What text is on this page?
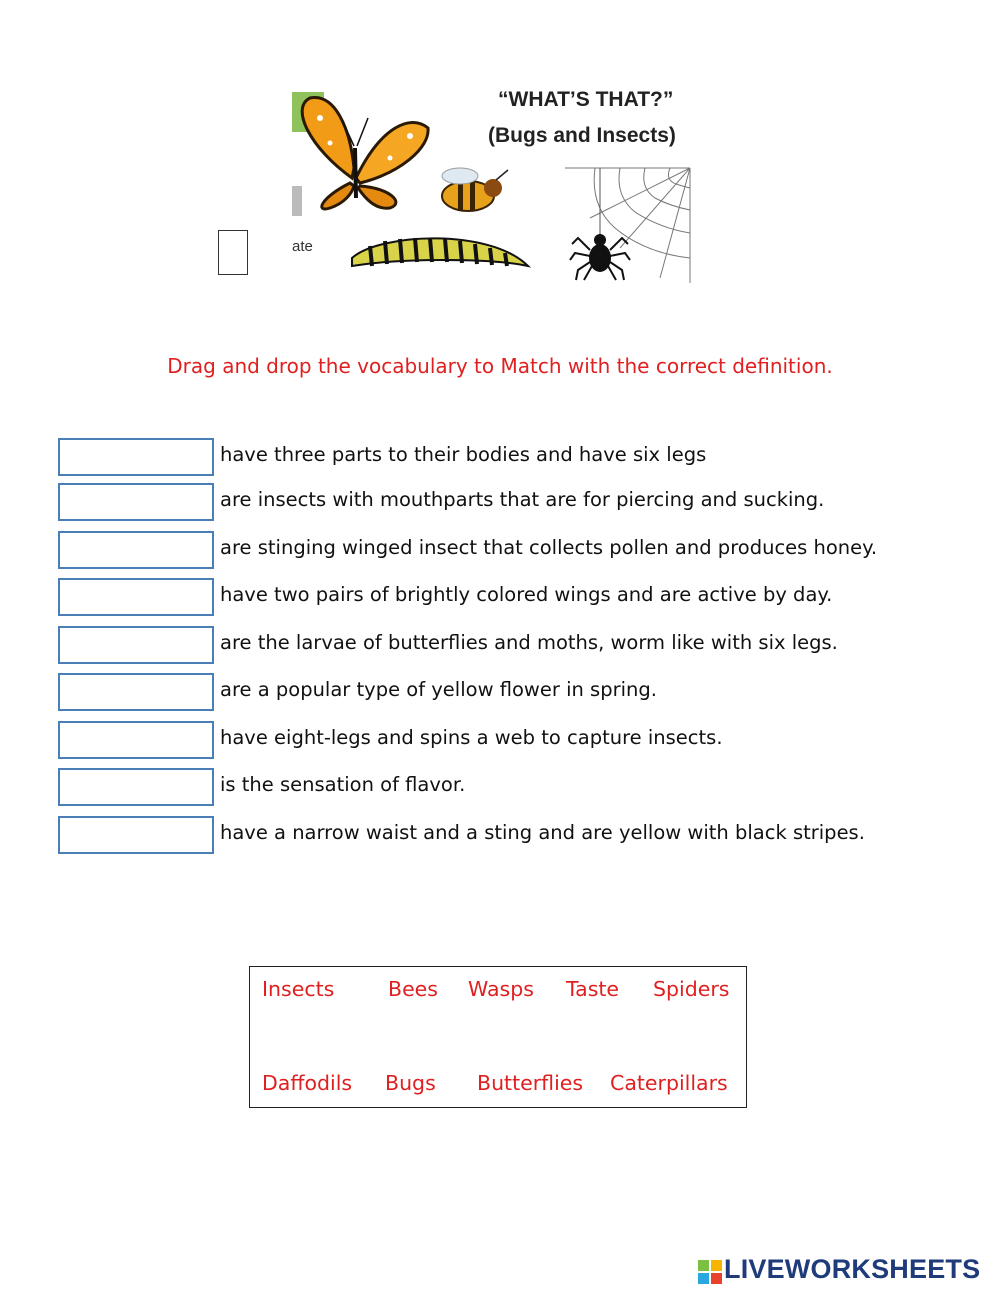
“WHAT’S THAT?”
(Bugs and Insects)
ate
Drag and drop the vocabulary to Match with the correct definition.
have three parts to their bodies and have six legs
are insects with mouthparts that are for piercing and sucking.
are stinging winged insect that collects pollen and produces honey.
have two pairs of brightly colored wings and are active by day.
are the larvae of butterflies and moths, worm like with six legs.
are a popular type of yellow flower in spring.
have eight-legs and spins a web to capture insects.
is the sensation of flavor.
have a narrow waist and a sting and are yellow with black stripes.
Insects	Bees Wasps Taste Spiders
Daffodils Bugs Butterflies Caterpillars
LIVEWORKSHEETS
